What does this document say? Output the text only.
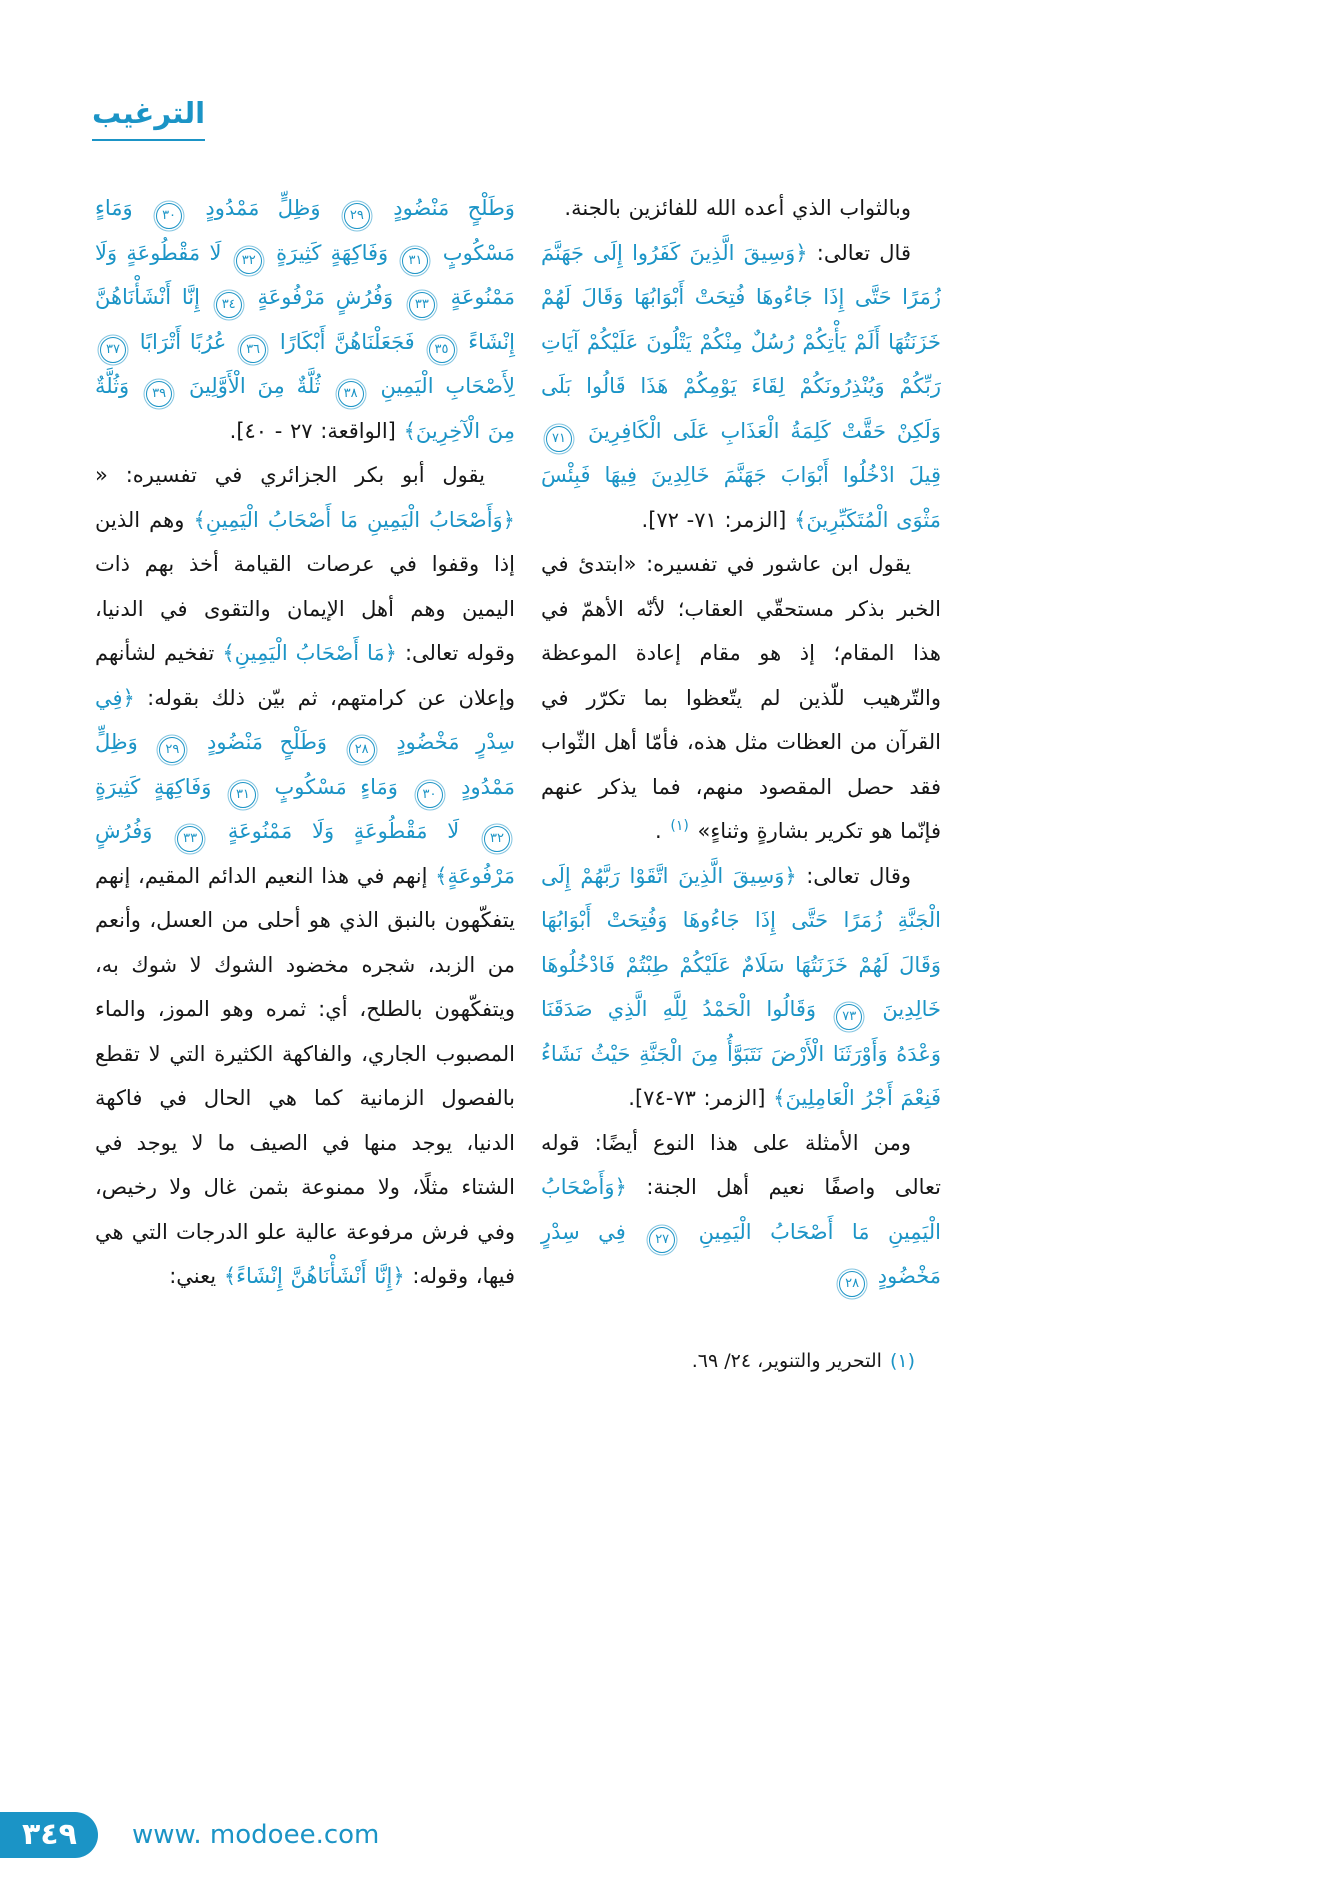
الترغيب

وبالثواب الذي أعده الله للفائزين بالجنة.

قال تعالى: ﴿وَسِيقَ الَّذِينَ كَفَرُوا إِلَى جَهَنَّمَ زُمَرًا حَتَّى إِذَا جَاءُوهَا فُتِحَتْ أَبْوَابُهَا وَقَالَ لَهُمْ خَزَنَتُهَا أَلَمْ يَأْتِكُمْ رُسُلٌ مِنْكُمْ يَتْلُونَ عَلَيْكُمْ آيَاتِ رَبِّكُمْ وَيُنْذِرُونَكُمْ لِقَاءَ يَوْمِكُمْ هَذَا قَالُوا بَلَى وَلَكِنْ حَقَّتْ كَلِمَةُ الْعَذَابِ عَلَى الْكَافِرِينَ ٧١ قِيلَ ادْخُلُوا أَبْوَابَ جَهَنَّمَ خَالِدِينَ فِيهَا فَبِئْسَ مَثْوَى الْمُتَكَبِّرِينَ﴾ [الزمر: ٧١- ٧٢].

يقول ابن عاشور في تفسيره: «ابتدئ في الخبر بذكر مستحقّي العقاب؛ لأنّه الأهمّ في هذا المقام؛ إذ هو مقام إعادة الموعظة والتّرهيب للّذين لم يتّعظوا بما تكرّر في القرآن من العظات مثل هذه، فأمّا أهل الثّواب فقد حصل المقصود منهم، فما يذكر عنهم فإنّما هو تكرير بشارةٍ وثناءٍ» $^{(١)}$ .

وقال تعالى: ﴿وَسِيقَ الَّذِينَ اتَّقَوْا رَبَّهُمْ إِلَى الْجَنَّةِ زُمَرًا حَتَّى إِذَا جَاءُوهَا وَفُتِحَتْ أَبْوَابُهَا وَقَالَ لَهُمْ خَزَنَتُهَا سَلَامٌ عَلَيْكُمْ طِبْتُمْ فَادْخُلُوهَا خَالِدِينَ ٧٣ وَقَالُوا الْحَمْدُ لِلَّهِ الَّذِي صَدَقَنَا وَعْدَهُ وَأَوْرَثَنَا الْأَرْضَ نَتَبَوَّأُ مِنَ الْجَنَّةِ حَيْثُ نَشَاءُ فَنِعْمَ أَجْرُ الْعَامِلِينَ﴾ [الزمر: ٧٣-٧٤].

ومن الأمثلة على هذا النوع أيضًا: قوله تعالى واصفًا نعيم أهل الجنة: ﴿وَأَصْحَابُ الْيَمِينِ مَا أَصْحَابُ الْيَمِينِ ٢٧ فِي سِدْرٍ مَخْضُودٍ ٢٨

(١)التحرير والتنوير، ٢٤/ ٦٩.

وَطَلْحٍ مَنْضُودٍ ٢٩ وَظِلٍّ مَمْدُودٍ ٣٠ وَمَاءٍ مَسْكُوبٍ ٣١ وَفَاكِهَةٍ كَثِيرَةٍ ٣٢ لَا مَقْطُوعَةٍ وَلَا مَمْنُوعَةٍ ٣٣ وَفُرُشٍ مَرْفُوعَةٍ ٣٤ إِنَّا أَنْشَأْنَاهُنَّ إِنْشَاءً ٣٥ فَجَعَلْنَاهُنَّ أَبْكَارًا ٣٦ عُرُبًا أَتْرَابًا ٣٧ لِأَصْحَابِ الْيَمِينِ ٣٨ ثُلَّةٌ مِنَ الْأَوَّلِينَ ٣٩ وَثُلَّةٌ مِنَ الْآخِرِينَ﴾ [الواقعة: ٢٧ - ٤٠].

يقول أبو بكر الجزائري في تفسيره: « ﴿وَأَصْحَابُ الْيَمِينِ مَا أَصْحَابُ الْيَمِينِ﴾ وهم الذين إذا وقفوا في عرصات القيامة أخذ بهم ذات اليمين وهم أهل الإيمان والتقوى في الدنيا، وقوله تعالى: ﴿مَا أَصْحَابُ الْيَمِينِ﴾ تفخيم لشأنهم وإعلان عن كرامتهم، ثم بيّن ذلك بقوله: ﴿فِي سِدْرٍ مَخْضُودٍ ٢٨ وَطَلْحٍ مَنْضُودٍ ٢٩ وَظِلٍّ مَمْدُودٍ ٣٠ وَمَاءٍ مَسْكُوبٍ ٣١ وَفَاكِهَةٍ كَثِيرَةٍ ٣٢ لَا مَقْطُوعَةٍ وَلَا مَمْنُوعَةٍ ٣٣ وَفُرُشٍ مَرْفُوعَةٍ﴾ إنهم في هذا النعيم الدائم المقيم، إنهم يتفكّهون بالنبق الذي هو أحلى من العسل، وأنعم من الزبد، شجره مخضود الشوك لا شوك به، ويتفكّهون بالطلح، أي: ثمره وهو الموز، والماء المصبوب الجاري، والفاكهة الكثيرة التي لا تقطع بالفصول الزمانية كما هي الحال في فاكهة الدنيا، يوجد منها في الصيف ما لا يوجد في الشتاء مثلًا، ولا ممنوعة بثمن غال ولا رخيص، وفي فرش مرفوعة عالية علو الدرجات التي هي فيها، وقوله: ﴿إِنَّا أَنْشَأْنَاهُنَّ إِنْشَاءً﴾ يعني:

٣٤٩ www. modoee.com
